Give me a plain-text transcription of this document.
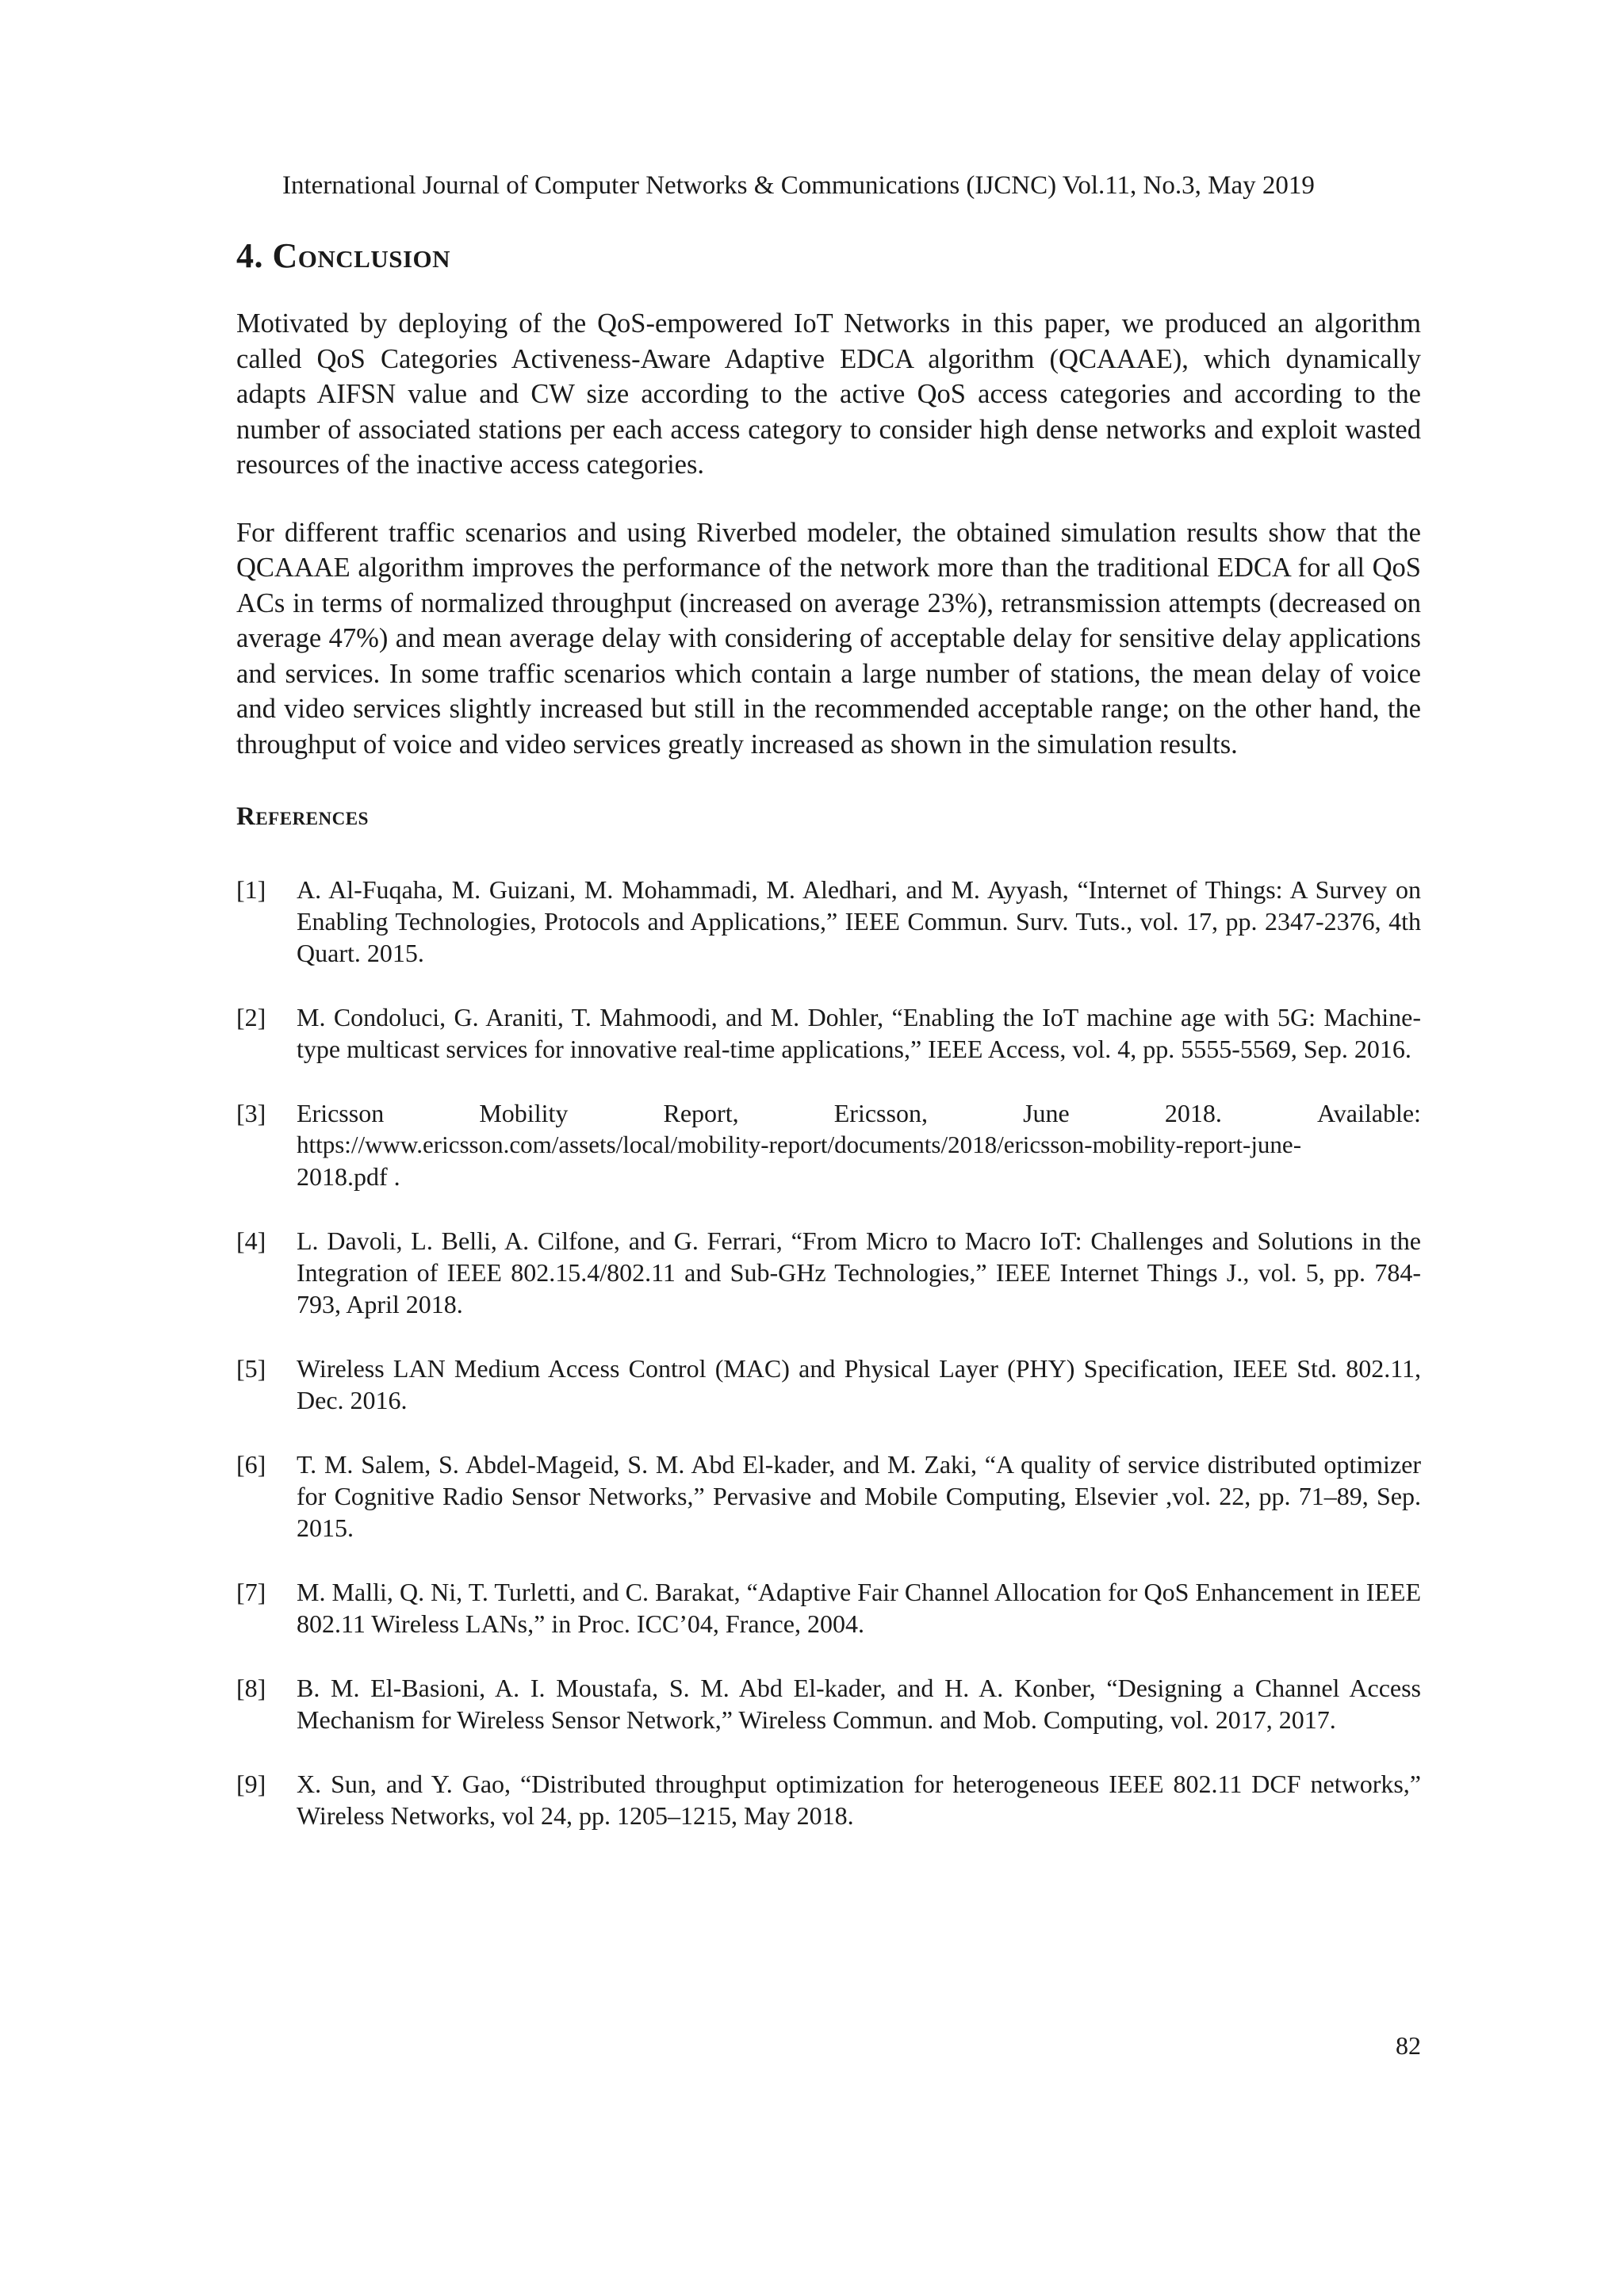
International Journal of Computer Networks & Communications (IJCNC) Vol.11, No.3, May 2019
4. Conclusion

Motivated by deploying of the QoS-empowered IoT Networks in this paper, we produced an algorithm called QoS Categories Activeness-Aware Adaptive EDCA algorithm (QCAAAE), which dynamically adapts AIFSN value and CW size according to the active QoS access categories and according to the number of associated stations per each access category to consider high dense networks and exploit wasted resources of the inactive access categories.

For different traffic scenarios and using Riverbed modeler, the obtained simulation results show that the QCAAAE algorithm improves the performance of the network more than the traditional EDCA for all QoS ACs in terms of normalized throughput (increased on average 23%), retransmission attempts (decreased on average 47%) and mean average delay with considering of acceptable delay for sensitive delay applications and services. In some traffic scenarios which contain a large number of stations, the mean delay of voice and video services slightly increased but still in the recommended acceptable range; on the other hand, the throughput of voice and video services greatly increased as shown in the simulation results.

References
[1] A. Al-Fuqaha, M. Guizani, M. Mohammadi, M. Aledhari, and M. Ayyash, “Internet of Things: A Survey on Enabling Technologies, Protocols and Applications,” IEEE Commun. Surv. Tuts., vol. 17, pp. 2347-2376, 4th Quart. 2015.
[2] M. Condoluci, G. Araniti, T. Mahmoodi, and M. Dohler, “Enabling the IoT machine age with 5G: Machine-type multicast services for innovative real-time applications,” IEEE Access, vol. 4, pp. 5555-5569, Sep. 2016.
[3] Ericsson	Mobility	Report,	Ericsson,	June	2018.	Available:
https://www.ericsson.com/assets/local/mobility-report/documents/2018/ericsson-mobility-report-june-
2018.pdf .
[4] L. Davoli, L. Belli, A. Cilfone, and G. Ferrari, “From Micro to Macro IoT: Challenges and Solutions in the Integration of IEEE 802.15.4/802.11 and Sub-GHz Technologies,” IEEE Internet Things J., vol. 5, pp. 784-793, April 2018.
[5] Wireless LAN Medium Access Control (MAC) and Physical Layer (PHY) Specification, IEEE Std. 802.11, Dec. 2016.
[6] T. M. Salem, S. Abdel-Mageid, S. M. Abd El-kader, and M. Zaki, “A quality of service distributed optimizer for Cognitive Radio Sensor Networks,” Pervasive and Mobile Computing, Elsevier ,vol. 22, pp. 71–89, Sep. 2015.
[7] M. Malli, Q. Ni, T. Turletti, and C. Barakat, “Adaptive Fair Channel Allocation for QoS Enhancement in IEEE 802.11 Wireless LANs,” in Proc. ICC’04, France, 2004.
[8] B. M. El-Basioni, A. I. Moustafa, S. M. Abd El-kader, and H. A. Konber, “Designing a Channel Access Mechanism for Wireless Sensor Network,” Wireless Commun. and Mob. Computing, vol. 2017, 2017.
[9] X. Sun, and Y. Gao, “Distributed throughput optimization for heterogeneous IEEE 802.11 DCF networks,” Wireless Networks, vol 24, pp. 1205–1215, May 2018.
82
